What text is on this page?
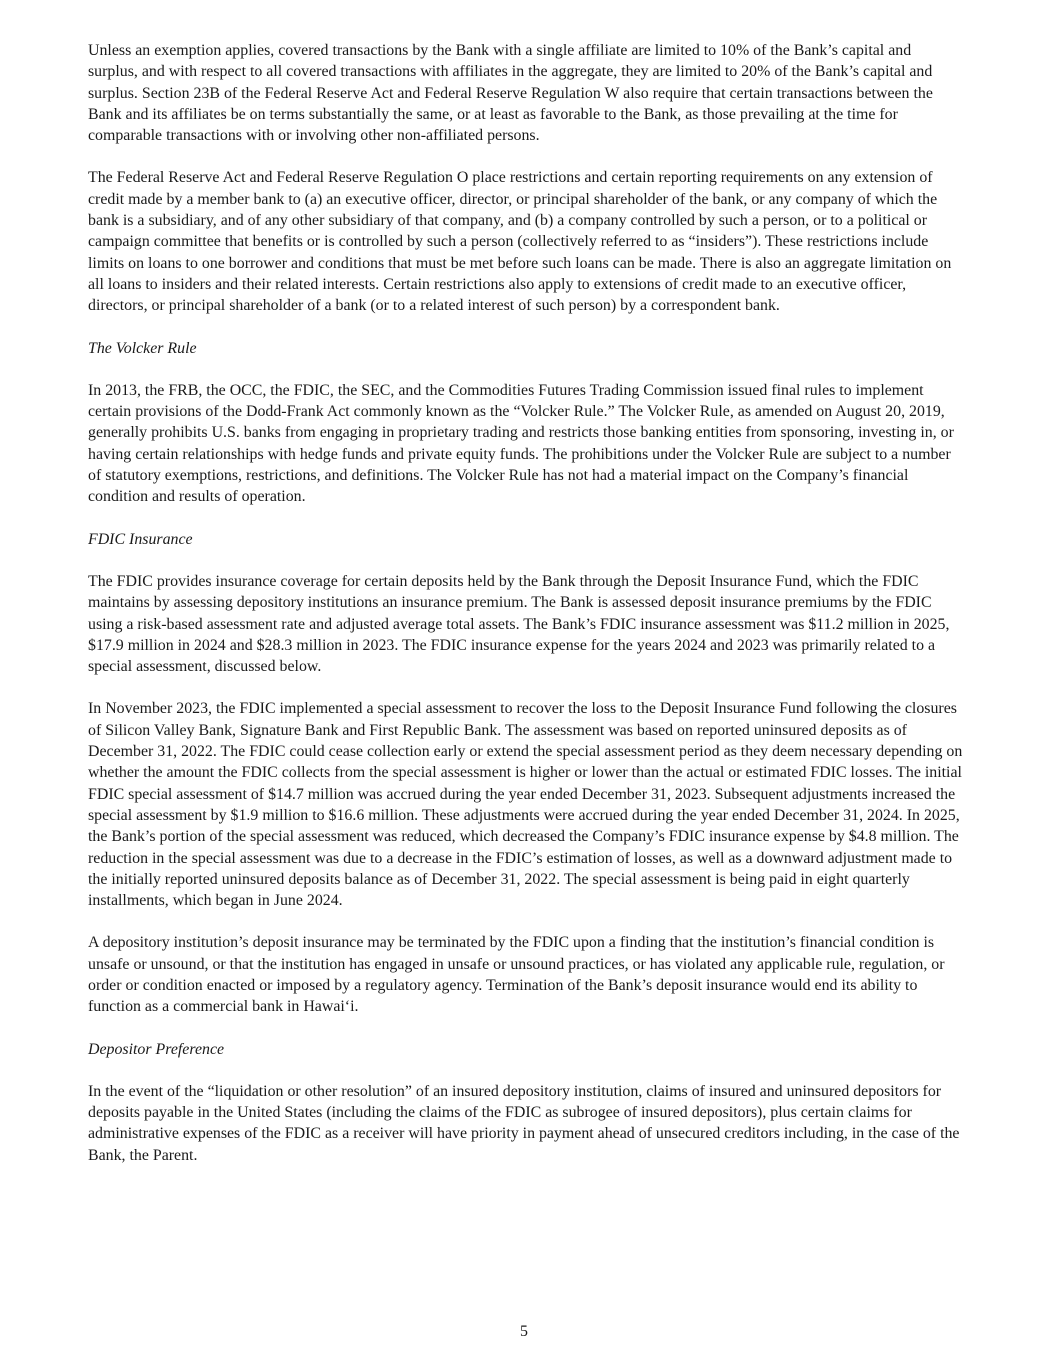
Unless an exemption applies, covered transactions by the Bank with a single affiliate are limited to 10% of the Bank’s capital and surplus, and with respect to all covered transactions with affiliates in the aggregate, they are limited to 20% of the Bank’s capital and surplus. Section 23B of the Federal Reserve Act and Federal Reserve Regulation W also require that certain transactions between the Bank and its affiliates be on terms substantially the same, or at least as favorable to the Bank, as those prevailing at the time for comparable transactions with or involving other non-affiliated persons.

The Federal Reserve Act and Federal Reserve Regulation O place restrictions and certain reporting requirements on any extension of credit made by a member bank to (a) an executive officer, director, or principal shareholder of the bank, or any company of which the bank is a subsidiary, and of any other subsidiary of that company, and (b) a company controlled by such a person, or to a political or campaign committee that benefits or is controlled by such a person (collectively referred to as “insiders”). These restrictions include limits on loans to one borrower and conditions that must be met before such loans can be made. There is also an aggregate limitation on all loans to insiders and their related interests. Certain restrictions also apply to extensions of credit made to an executive officer, directors, or principal shareholder of a bank (or to a related interest of such person) by a correspondent bank.

The Volcker Rule

In 2013, the FRB, the OCC, the FDIC, the SEC, and the Commodities Futures Trading Commission issued final rules to implement certain provisions of the Dodd-Frank Act commonly known as the “Volcker Rule.” The Volcker Rule, as amended on August 20, 2019, generally prohibits U.S. banks from engaging in proprietary trading and restricts those banking entities from sponsoring, investing in, or having certain relationships with hedge funds and private equity funds. The prohibitions under the Volcker Rule are subject to a number of statutory exemptions, restrictions, and definitions. The Volcker Rule has not had a material impact on the Company’s financial condition and results of operation.

FDIC Insurance

The FDIC provides insurance coverage for certain deposits held by the Bank through the Deposit Insurance Fund, which the FDIC maintains by assessing depository institutions an insurance premium. The Bank is assessed deposit insurance premiums by the FDIC using a risk-based assessment rate and adjusted average total assets. The Bank’s FDIC insurance assessment was $11.2 million in 2025, $17.9 million in 2024 and $28.3 million in 2023. The FDIC insurance expense for the years 2024 and 2023 was primarily related to a special assessment, discussed below.

In November 2023, the FDIC implemented a special assessment to recover the loss to the Deposit Insurance Fund following the closures of Silicon Valley Bank, Signature Bank and First Republic Bank. The assessment was based on reported uninsured deposits as of December 31, 2022. The FDIC could cease collection early or extend the special assessment period as they deem necessary depending on whether the amount the FDIC collects from the special assessment is higher or lower than the actual or estimated FDIC losses. The initial FDIC special assessment of $14.7 million was accrued during the year ended December 31, 2023. Subsequent adjustments increased the special assessment by $1.9 million to $16.6 million. These adjustments were accrued during the year ended December 31, 2024. In 2025, the Bank’s portion of the special assessment was reduced, which decreased the Company’s FDIC insurance expense by $4.8 million. The reduction in the special assessment was due to a decrease in the FDIC’s estimation of losses, as well as a downward adjustment made to the initially reported uninsured deposits balance as of December 31, 2022. The special assessment is being paid in eight quarterly installments, which began in June 2024.

A depository institution’s deposit insurance may be terminated by the FDIC upon a finding that the institution’s financial condition is unsafe or unsound, or that the institution has engaged in unsafe or unsound practices, or has violated any applicable rule, regulation, or order or condition enacted or imposed by a regulatory agency. Termination of the Bank’s deposit insurance would end its ability to function as a commercial bank in Hawaiʻi.

Depositor Preference

In the event of the “liquidation or other resolution” of an insured depository institution, claims of insured and uninsured depositors for deposits payable in the United States (including the claims of the FDIC as subrogee of insured depositors), plus certain claims for administrative expenses of the FDIC as a receiver will have priority in payment ahead of unsecured creditors including, in the case of the Bank, the Parent.

5
